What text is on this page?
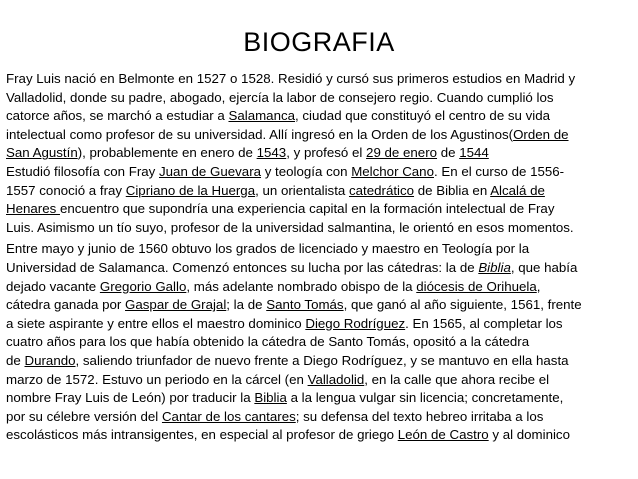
BIOGRAFIA
Fray Luis nació en Belmonte en 1527 o 1528. Residió y cursó sus primeros estudios en Madrid y
Valladolid, donde su padre, abogado, ejercía la labor de consejero regio. Cuando cumplió los
catorce años, se marchó a estudiar a Salamanca, ciudad que constituyó el centro de su vida
intelectual como profesor de su universidad. Allí ingresó en la Orden de los Agustinos(Orden de
San Agustín), probablemente en enero de 1543, y profesó el 29 de enero de 1544
Estudió filosofía con Fray Juan de Guevara y teología con Melchor Cano. En el curso de 1556-
1557 conoció a fray Cipriano de la Huerga, un orientalista catedrático de Biblia en Alcalá de
Henares encuentro que supondría una experiencia capital en la formación intelectual de Fray
Luis. Asimismo un tío suyo, profesor de la universidad salmantina, le orientó en esos momentos.
Entre mayo y junio de 1560 obtuvo los grados de licenciado y maestro en Teología por la
Universidad de Salamanca. Comenzó entonces su lucha por las cátedras: la de Biblia, que había
dejado vacante Gregorio Gallo, más adelante nombrado obispo de la diócesis de Orihuela,
cátedra ganada por Gaspar de Grajal; la de Santo Tomás, que ganó al año siguiente, 1561, frente
a siete aspirante y entre ellos el maestro dominico Diego Rodríguez. En 1565, al completar los
cuatro años para los que había obtenido la cátedra de Santo Tomás, opositó a la cátedra
de Durando, saliendo triunfador de nuevo frente a Diego Rodríguez, y se mantuvo en ella hasta
marzo de 1572. Estuvo un periodo en la cárcel (en Valladolid, en la calle que ahora recibe el
nombre Fray Luis de León) por traducir la Biblia a la lengua vulgar sin licencia; concretamente,
por su célebre versión del Cantar de los cantares; su defensa del texto hebreo irritaba a los
escolásticos más intransigentes, en especial al profesor de griego León de Castro y al dominico
